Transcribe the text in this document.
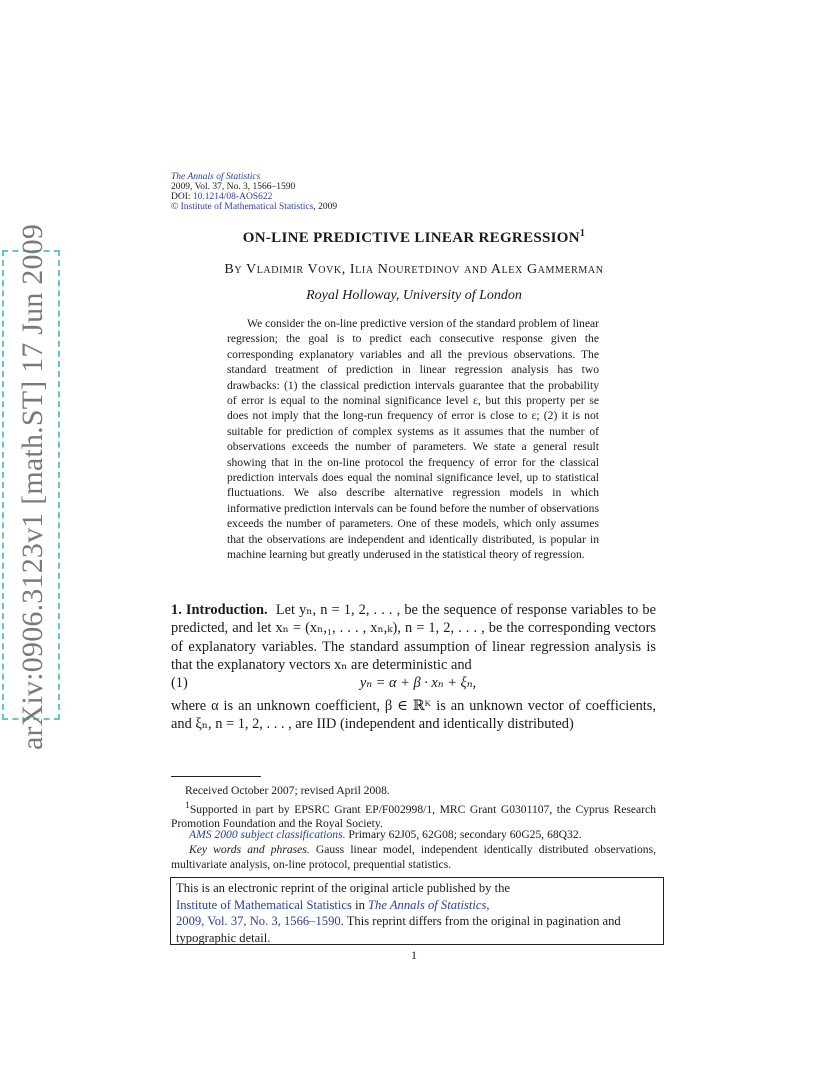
arXiv:0906.3123v1 [math.ST] 17 Jun 2009
The Annals of Statistics
2009, Vol. 37, No. 3, 1566–1590
DOI: 10.1214/08-AOS622
© Institute of Mathematical Statistics, 2009
ON-LINE PREDICTIVE LINEAR REGRESSION$^1$
By Vladimir Vovk, Ilia Nouretdinov and Alex Gammerman
Royal Holloway, University of London
We consider the on-line predictive version of the standard problem of linear regression; the goal is to predict each consecutive response given the corresponding explanatory variables and all the previous observations. The standard treatment of prediction in linear regression analysis has two drawbacks: (1) the classical prediction intervals guarantee that the probability of error is equal to the nominal significance level ε, but this property per se does not imply that the long-run frequency of error is close to ε; (2) it is not suitable for prediction of complex systems as it assumes that the number of observations exceeds the number of parameters. We state a general result showing that in the on-line protocol the frequency of error for the classical prediction intervals does equal the nominal significance level, up to statistical fluctuations. We also describe alternative regression models in which informative prediction intervals can be found before the number of observations exceeds the number of parameters. One of these models, which only assumes that the observations are independent and identically distributed, is popular in machine learning but greatly underused in the statistical theory of regression.
1. Introduction. Let yₙ, n = 1, 2, . . . , be the sequence of response variables to be predicted, and let xₙ = (xₙ,₁, . . . , xₙ,ₖ), n = 1, 2, . . . , be the corresponding vectors of explanatory variables. The standard assumption of linear regression analysis is that the explanatory vectors xₙ are deterministic and
(1)	yₙ = α + β · xₙ + ξₙ,
where α is an unknown coefficient, β ∈ ℝᴷ is an unknown vector of coefficients, and ξₙ, n = 1, 2, . . . , are IID (independent and identically distributed)
Received October 2007; revised April 2008.
$^1$Supported in part by EPSRC Grant EP/F002998/1, MRC Grant G0301107, the Cyprus Research Promotion Foundation and the Royal Society.
AMS 2000 subject classifications. Primary 62J05, 62G08; secondary 60G25, 68Q32.
Key words and phrases. Gauss linear model, independent identically distributed observations, multivariate analysis, on-line protocol, prequential statistics.
This is an electronic reprint of the original article published by the
Institute of Mathematical Statistics in The Annals of Statistics,
2009, Vol. 37, No. 3, 1566–1590. This reprint differs from the original in pagination and typographic detail.
1
